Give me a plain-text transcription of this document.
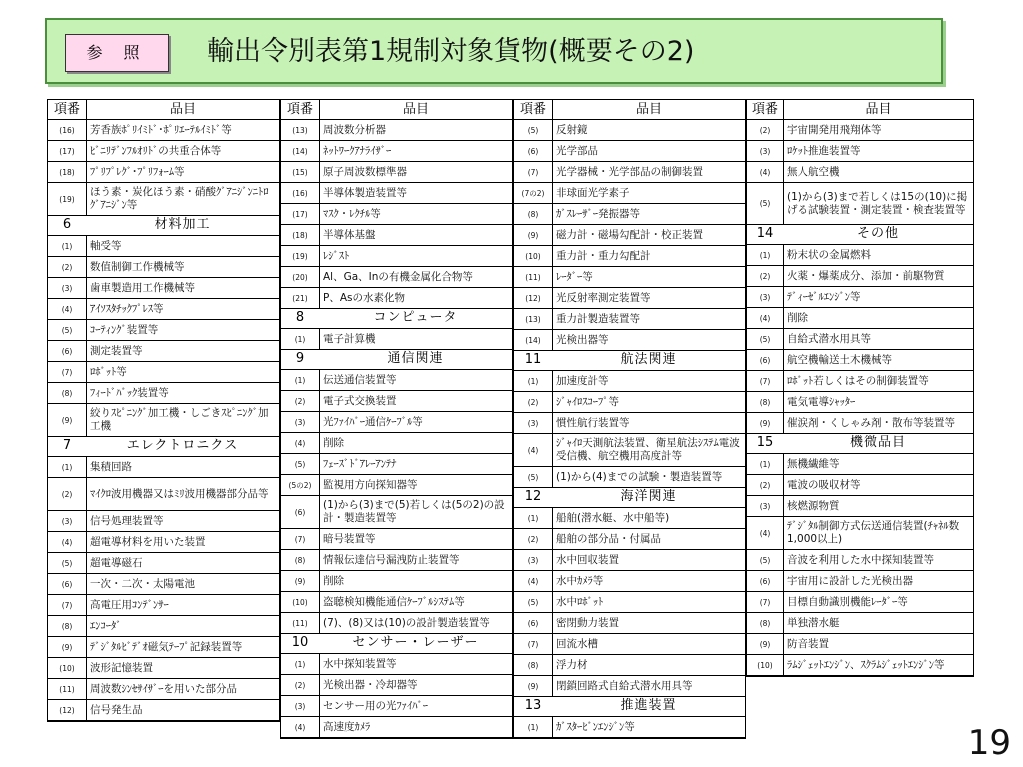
参 照	輸出令別表第1規制対象貨物(概要その2)
項番	品目
(16)	芳香族ﾎﾟﾘｲﾐﾄﾞ･ﾎﾟﾘｴｰﾃﾙｲﾐﾄﾞ等
(17)	ﾋﾞﾆﾘﾃﾞﾝﾌﾙｵﾘﾄﾞの共重合体等
(18)	ﾌﾟﾘﾌﾟﾚｸﾞ･ﾌﾟﾘﾌｫｰﾑ等
(19)
ほう素・炭化ほう素・硝酸ｸﾞｱﾆｼﾞﾝﾆﾄﾛｸﾞｱﾆｼﾞﾝ等
6	材料加工
(1)	軸受等
(2)	数值制御工作機械等
(3)	歯車製造用工作機械等
(4)	ｱｲｿｽﾀﾁｯｸﾌﾟﾚｽ等
(5)	ｺｰﾃｨﾝｸﾞ装置等
(6)	測定装置等
(7)	ﾛﾎﾞｯﾄ等
(8)	ﾌｨｰﾄﾞﾊﾞｯｸ装置等
(9)
絞りｽﾋﾟﾆﾝｸﾞ加工機・しごきｽﾋﾟﾆﾝｸﾞ加工機
7	エレクトロニクス
(1)	集積回路
(2)	ﾏｲｸﾛ波用機器又はﾐﾘ波用機器部分品等
(3)	信号処理装置等
(4)	超電導材料を用いた装置
(5)	超電導磁石
(6)	一次・二次・太陽電池
(7)	高電圧用ｺﾝﾃﾞﾝｻｰ
(8)	ｴﾝｺｰﾀﾞ
(9)	ﾃﾞｼﾞﾀﾙﾋﾞﾃﾞｵ磁気ﾃｰﾌﾟ記録装置等
(10)	波形記憶装置
(11)	周波数ｼﾝｾｻｲｻﾞｰを用いた部分品
(12)	信号発生品
項番	品目
(13)	周波数分析器
(14)	ﾈｯﾄﾜｰｸｱﾅﾗｲｻﾞｰ
(15)	原子周波数標準器
(16)	半導体製造装置等
(17)	ﾏｽｸ・ﾚｸﾁﾙ等
(18)	半導体基盤
(19)	ﾚｼﾞｽﾄ
(20)	Al、Ga、Inの有機金属化合物等
(21)	P、Asの水素化物
8	コンピュータ
(1)	電子計算機
9	通信関連
(1)	伝送通信装置等
(2)	電子式交換装置
(3)	光ﾌｧｲﾊﾞｰ通信ｹｰﾌﾞﾙ等
(4)	削除
(5)	ﾌｪｰｽﾞﾄﾞｱﾚｰｱﾝﾃﾅ
(5の2)	監視用方向探知器等
(6)
(1)から(3)まで(5)若しくは(5の2)の設計・製造装置等
(7)	暗号装置等
(8)	情報伝達信号漏洩防止装置等
(9)	削除
(10)	盗聴検知機能通信ｹｰﾌﾞﾙｼｽﾃﾑ等
(11)	(7)、(8)又は(10)の設計製造装置等
10	センサー・レーザー
(1)	水中探知装置等
(2)	光検出器・冷却器等
(3)	センサー用の光ﾌｧｲﾊﾞｰ
(4)	高速度ｶﾒﾗ
項番	品目
(5)	反射鏡
(6)	光学部品
(7)	光学器械・光学部品の制御装置
(7の2)	非球面光学素子
(8)	ｶﾞｽﾚｰｻﾞｰ発振器等
(9)	磁力計・磁場勾配計・校正装置
(10)	重力計・重力勾配計
(11)	ﾚｰﾀﾞｰ等
(12)	光反射率測定装置等
(13)	重力計製造装置等
(14)	光検出器等
11	航法関連
(1)	加速度計等
(2)	ｼﾞｬｲﾛｽｺｰﾌﾟ等
(3)	慣性航行装置等
(4)
ｼﾞｬｲﾛ天測航法装置、衛星航法ｼｽﾃﾑ電波受信機、航空機用高度計等
(5)	(1)から(4)までの試験・製造装置等
12	海洋関連
(1)	船舶(潜水艇、水中船等)
(2)	船舶の部分品・付属品
(3)	水中回収装置
(4)	水中ｶﾒﾗ等
(5)	水中ﾛﾎﾞｯﾄ
(6)	密閉動力装置
(7)	回流水槽
(8)	浮力材
(9)	閉鎖回路式自給式潜水用具等
13	推進装置
(1)	ｶﾞｽﾀｰﾋﾞﾝｴﾝｼﾞﾝ等
項番	品目
(2)	宇宙開発用飛翔体等
(3)	ﾛｹｯﾄ推進装置等
(4)	無人航空機
(5)
(1)から(3)まで若しくは15の(10)に掲げる試験装置・測定装置・検査装置等
14	その他
(1)	粉末状の金属燃料
(2)	火薬・爆薬成分、添加・前駆物質
(3)	ﾃﾞｨｰｾﾞﾙｴﾝｼﾞﾝ等
(4)	削除
(5)	自給式潜水用具等
(6)	航空機輸送土木機械等
(7)	ﾛﾎﾞｯﾄ若しくはその制御装置等
(8)	電気電導ｼｬｯﾀｰ
(9)	催涙剤・くしゃみ剤・散布等装置等
15	機微品目
(1)	無機繊維等
(2)	電波の吸収材等
(3)	核燃源物質
(4)
ﾃﾞｼﾞﾀﾙ制御方式伝送通信装置(ﾁｬﾈﾙ数1,000以上)
(5)	音波を利用した水中探知装置等
(6)	宇宙用に設計した光検出器
(7)	目標自動識別機能ﾚｰﾀﾞｰ等
(8)	単独潜水艇
(9)	防音装置
(10)	ﾗﾑｼﾞｪｯﾄｴﾝｼﾞﾝ、ｽｸﾗﾑｼﾞｪｯﾄｴﾝｼﾞﾝ等
19
